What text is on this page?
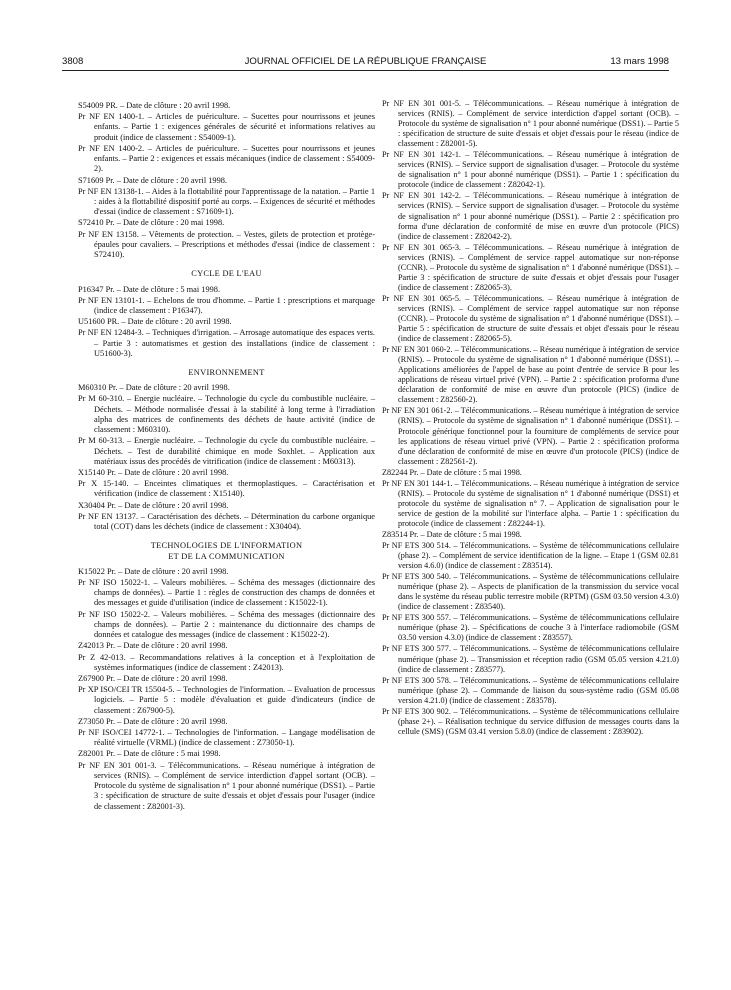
3808	JOURNAL OFFICIEL DE LA RÉPUBLIQUE FRANÇAISE	13 mars 1998
S54009 PR. – Date de clôture : 20 avril 1998.
Pr NF EN 1400-1. – Articles de puériculture. – Sucettes pour nourrissons et jeunes enfants. – Partie 1 : exigences générales de sécurité et informations relatives au produit (indice de classement : S54009-1).
Pr NF EN 1400-2. – Articles de puériculture. – Sucettes pour nourrissons et jeunes enfants. – Partie 2 : exigences et essais mécaniques (indice de classement : S54009-2).
S71609 Pr. – Date de clôture : 20 avril 1998.
Pr NF EN 13138-1. – Aides à la flottabilité pour l'apprentissage de la natation. – Partie 1 : aides à la flottabilité dispositif porté au corps. – Exigences de sécurité et méthodes d'essai (indice de classement : S71609-1).
S72410 Pr. – Date de clôture : 20 mai 1998.
Pr NF EN 13158. – Vêtements de protection. – Vestes, gilets de protection et protège-épaules pour cavaliers. – Prescriptions et méthodes d'essai (indice de classement : S72410).
CYCLE DE L'EAU
P16347 Pr. – Date de clôture : 5 mai 1998.
Pr NF EN 13101-1. – Echelons de trou d'homme. – Partie 1 : prescriptions et marquage (indice de classement : P16347).
U51600 PR. – Date de clôture : 20 avril 1998.
Pr NF EN 12484-3. – Techniques d'irrigation. – Arrosage automatique des espaces verts. – Partie 3 : automatismes et gestion des installations (indice de classement : U51600-3).
ENVIRONNEMENT
M60310 Pr. – Date de clôture : 20 avril 1998.
Pr M 60-310. – Energie nucléaire. – Technologie du cycle du combustible nucléaire. – Déchets. – Méthode normalisée d'essai à la stabilité à long terme à l'irradiation alpha des matrices de confinements des déchets de haute activité (indice de classement : M60310).
Pr M 60-313. – Energie nucléaire. – Technologie du cycle du combustible nucléaire. – Déchets. – Test de durabilité chimique en mode Soxhlet. – Application aux matériaux issus des procédés de vitrification (indice de classement : M60313).
X15140 Pr. – Date de clôture : 20 avril 1998.
Pr X 15-140. – Enceintes climatiques et thermoplastiques. – Caractérisation et vérification (indice de classement : X15140).
X30404 Pr. – Date de clôture : 20 avril 1998.
Pr NF EN 13137. – Caractérisation des déchets. – Détermination du carbone organique total (COT) dans les déchets (indice de classement : X30404).
TECHNOLOGIES DE L'INFORMATION
ET DE LA COMMUNICATION
K15022 Pr. – Date de clôture : 20 avril 1998.
Pr NF ISO 15022-1. – Valeurs mobilières. – Schéma des messages (dictionnaire des champs de données). – Partie 1 : règles de construction des champs de données et des messages et guide d'utilisation (indice de classement : K15022-1).
Pr NF ISO 15022-2. – Valeurs mobilières. – Schéma des messages (dictionnaire des champs de données). – Partie 2 : maintenance du dictionnaire des champs de données et catalogue des messages (indice de classement : K15022-2).
Z42013 Pr. – Date de clôture : 20 avril 1998.
Pr Z 42-013. – Recommandations relatives à la conception et à l'exploitation de systèmes informatiques (indice de classement : Z42013).
Z67900 Pr. – Date de clôture : 20 avril 1998.
Pr XP ISO/CEI TR 15504-5. – Technologies de l'information. – Evaluation de processus logiciels. – Partie 5 : modèle d'évaluation et guide d'indicateurs (indice de classement : Z67900-5).
Z73050 Pr. – Date de clôture : 20 avril 1998.
Pr NF ISO/CEI 14772-1. – Technologies de l'information. – Langage modélisation de réalité virtuelle (VRML) (indice de classement : Z73050-1).
Z82001 Pr. – Date de clôture : 5 mai 1998.
Pr NF EN 301 001-3. – Télécommunications. – Réseau numérique à intégration de services (RNIS). – Complément de service interdiction d'appel sortant (OCB). – Protocole du système de signalisation n° 1 pour abonné numérique (DSS1). – Partie 3 : spécification de structure de suite d'essais et objet d'essais pour l'usager (indice de classement : Z82001-3).
Pr NF EN 301 001-5. – Télécommunications. – Réseau numérique à intégration de services (RNIS). – Complément de service interdiction d'appel sortant (OCB). – Protocole du système de signalisation n° 1 pour abonné numérique (DSS1). – Partie 5 : spécification de structure de suite d'essais et objet d'essais pour le réseau (indice de classement : Z82001-5).
Pr NF EN 301 142-1. – Télécommunications. – Réseau numérique à intégration de services (RNIS). – Service support de signalisation d'usager. – Protocole du système de signalisation n° 1 pour abonné numérique (DSS1). – Partie 1 : spécification du protocole (indice de classement : Z82042-1).
Pr NF EN 301 142-2. – Télécommunications. – Réseau numérique à intégration de services (RNIS). – Service support de signalisation d'usager. – Protocole du système de signalisation n° 1 pour abonné numérique (DSS1). – Partie 2 : spécification pro forma d'une déclaration de conformité de mise en œuvre d'un protocole (PICS) (indice de classement : Z82042-2).
Pr NF EN 301 065-3. – Télécommunications. – Réseau numérique à intégration de services (RNIS). – Complément de service rappel automatique sur non-réponse (CCNR). – Protocole du système de signalisation n° 1 d'abonné numérique (DSS1). – Partie 3 : spécification de structure de suite d'essais et objet d'essais pour l'usager (indice de classement : Z82065-3).
Pr NF EN 301 065-5. – Télécommunications. – Réseau numérique à intégration de services (RNIS). – Complément de service rappel automatique sur non réponse (CCNR). – Protocole du système de signalisation n° 1 d'abonné numérique (DSS1). – Partie 5 : spécification de structure de suite d'essais et objet d'essais pour le réseau (indice de classement : Z82065-5).
Pr NF EN 301 060-2. – Télécommunications. – Réseau numérique à intégration de service (RNIS). – Protocole du système de signalisation n° 1 d'abonné numérique (DSS1). – Applications améliorées de l'appel de base au point d'entrée de service B pour les applications de réseau virtuel privé (VPN). – Partie 2 : spécification proforma d'une déclaration de conformité de mise en œuvre d'un protocole (PICS) (indice de classement : Z82560-2).
Pr NF EN 301 061-2. – Télécommunications. – Réseau numérique à intégration de service (RNIS). – Protocole du système de signalisation n° 1 d'abonné numérique (DSS1). – Protocole générique fonctionnel pour la fourniture de compléments de service pour les applications de réseau virtuel privé (VPN). – Partie 2 : spécification proforma d'une déclaration de conformité de mise en œuvre d'un protocole (PICS) (indice de classement : Z82561-2).
Z82244 Pr. – Date de clôture : 5 mai 1998.
Pr NF EN 301 144-1. – Télécommunications. – Réseau numérique à intégration de service (RNIS). – Protocole du système de signalisation n° 1 d'abonné numérique (DSS1) et protocole du système de signalisation n° 7. – Application de signalisation pour le service de gestion de la mobilité sur l'interface alpha. – Partie 1 : spécification du protocole (indice de classement : Z82244-1).
Z83514 Pr. – Date de clôture : 5 mai 1998.
Pr NF ETS 300 514. – Télécommunications. – Système de télécommunications cellulaire (phase 2). – Complément de service identification de la ligne. – Etape 1 (GSM 02.81 version 4.6.0) (indice de classement : Z83514).
Pr NF ETS 300 540. – Télécommunications. – Système de télécommunications cellulaire numérique (phase 2). – Aspects de planification de la transmission du service vocal dans le système du réseau public terrestre mobile (RPTM) (GSM 03.50 version 4.3.0) (indice de classement : Z83540).
Pr NF ETS 300 557. – Télécommunications. – Système de télécommunications cellulaire numérique (phase 2). – Spécifications de couche 3 à l'interface radiomobile (GSM 03.50 version 4.3.0) (indice de classement : Z83557).
Pr NF ETS 300 577. – Télécommunications. – Système de télécommunications cellulaire numérique (phase 2). – Transmission et réception radio (GSM 05.05 version 4.21.0) (indice de classement : Z83577).
Pr NF ETS 300 578. – Télécommunications. – Système de télécommunications cellulaire numérique (phase 2). – Commande de liaison du sous-système radio (GSM 05.08 version 4.21.0) (indice de classement : Z83578).
Pr NF ETS 300 902. – Télécommunications. – Système de télécommunications cellulaire (phase 2+). – Réalisation technique du service diffusion de messages courts dans la cellule (SMS) (GSM 03.41 version 5.8.0) (indice de classement : Z83902).
